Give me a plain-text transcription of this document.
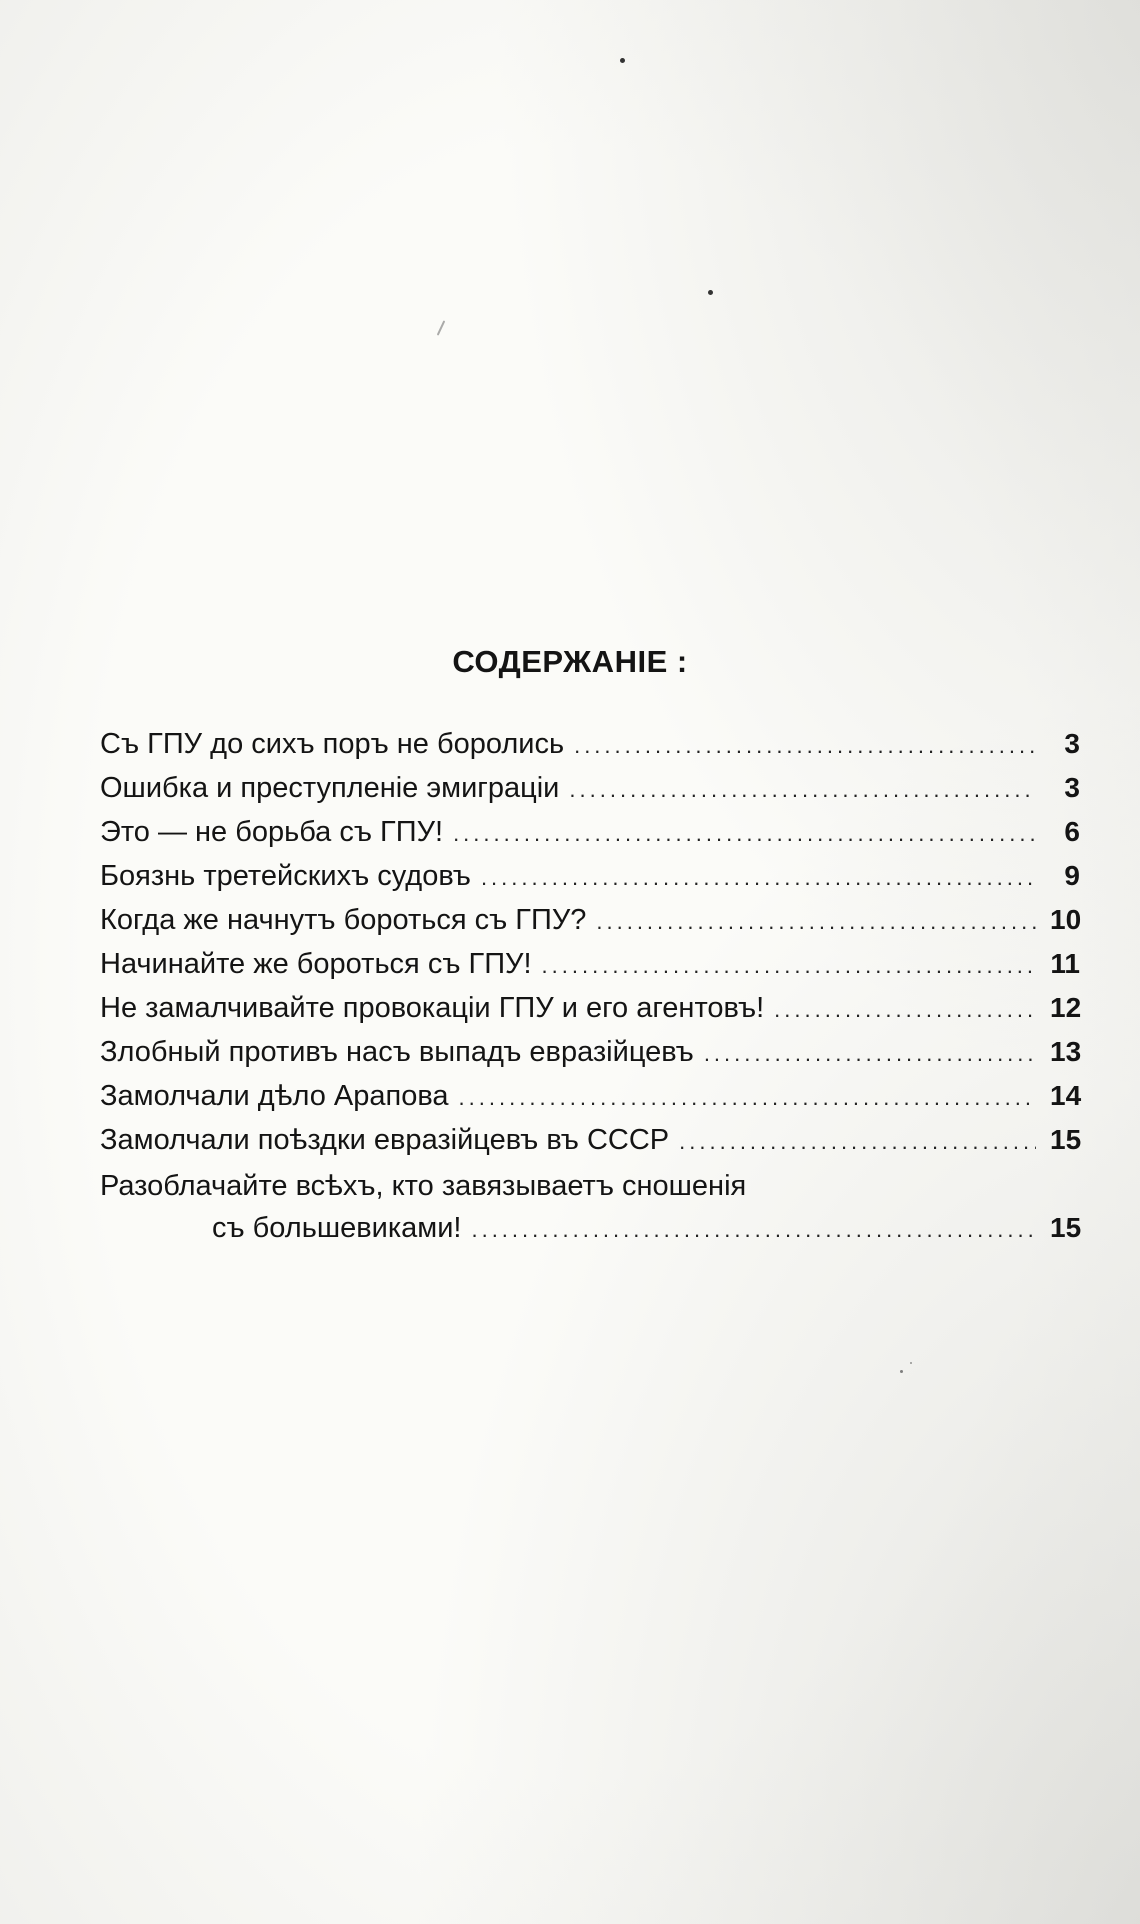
СОДЕРЖАНІЕ :
Съ ГПУ до сихъ поръ не боролись .....	3
Ошибка и преступленіе эмиграціи .....	3
Это — не борьба съ ГПУ! .....	6
Боязнь третейскихъ судовъ .....	9
Когда же начнутъ бороться съ ГПУ? .....	10
Начинайте же бороться съ ГПУ! .....	11
Не замалчивайте провокаціи ГПУ и его агентовъ! .....	12
Злобный противъ насъ выпадъ евразійцевъ .....	13
Замолчали дѣло Арапова .....	14
Замолчали поѣздки евразійцевъ въ СССР .....	15
Разоблачайте всѣхъ, кто завязываетъ сношенія
съ большевиками! .....	15
